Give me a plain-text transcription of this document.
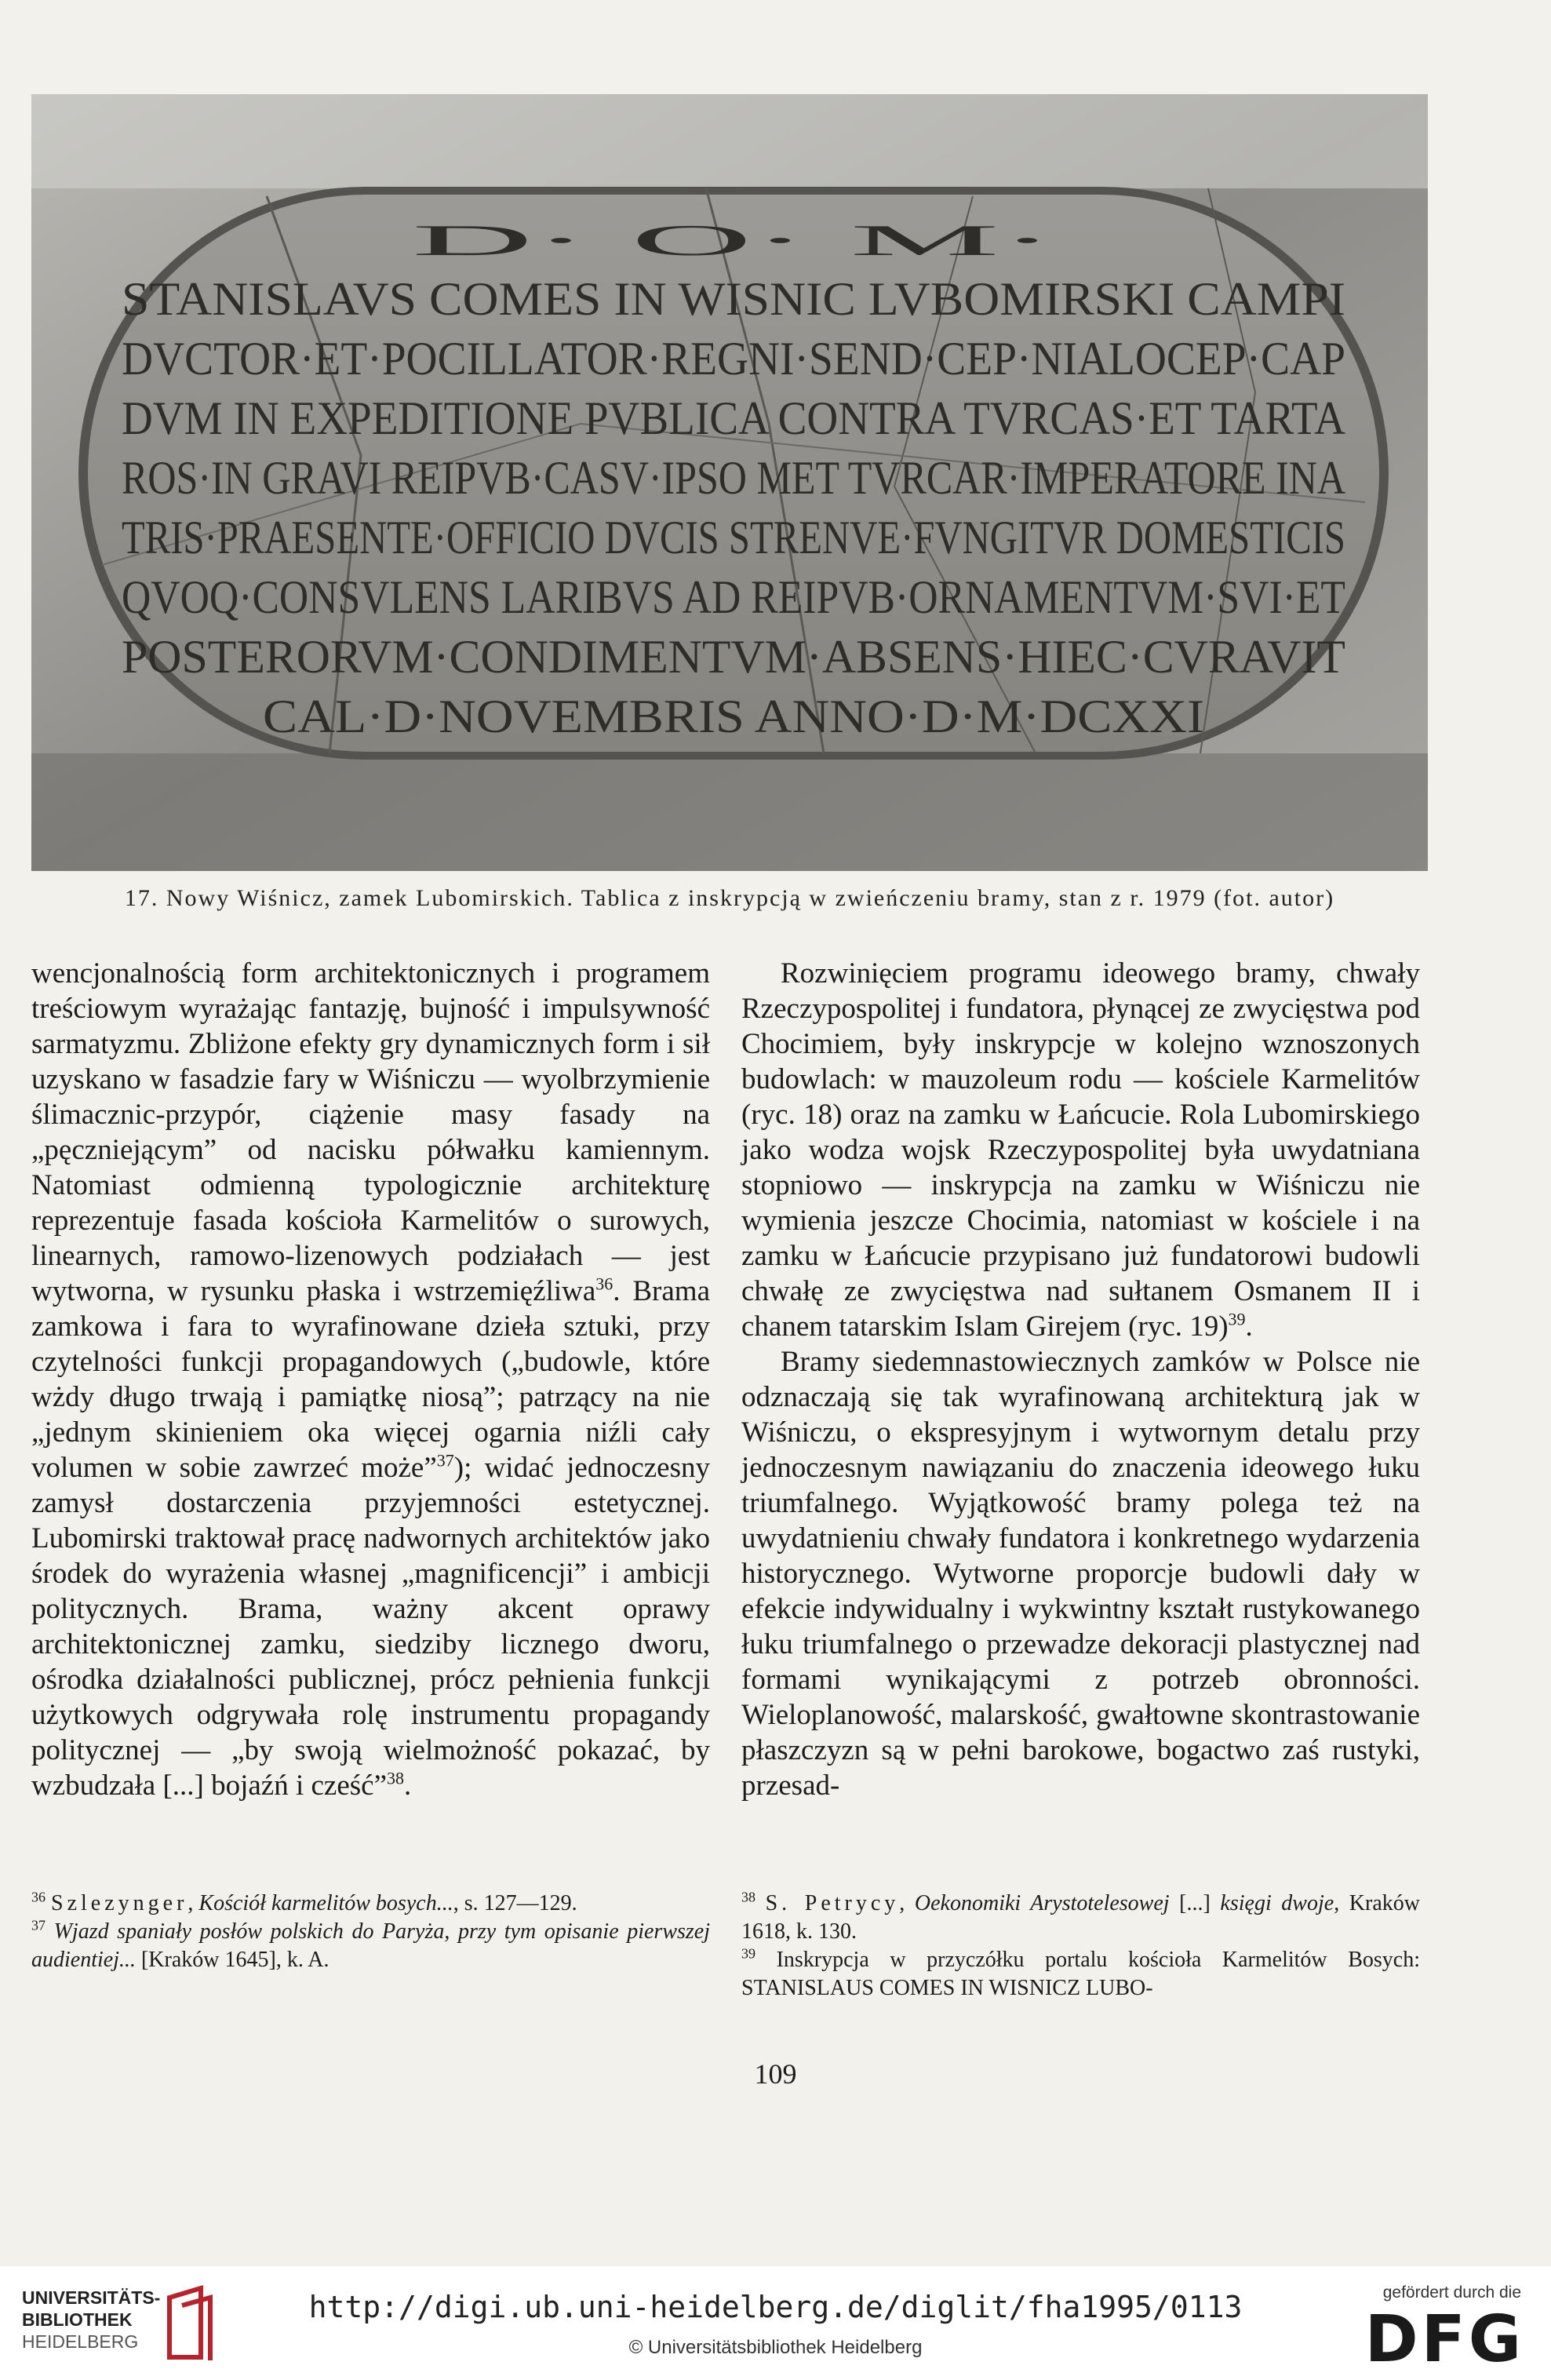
D· O· M·
STANISLAVS COMES IN WISNIC LVBOMIRSKI CAMPI
DVCTOR·ET·POCILLATOR·REGNI·SEND·CEP·NIALOCEP·CAP
DVM IN EXPEDITIONE PVBLICA CONTRA TVRCAS·ET TARTA
ROS·IN GRAVI REIPVB·CASV·IPSO MET TVRCAR·IMPERATORE INA
TRIS·PRAESENTE·OFFICIO DVCIS STRENVE·FVNGITVR DOMESTICIS
QVOQ·CONSVLENS LARIBVS AD REIPVB·ORNAMENTVM·SVI·ET
POSTERORVM·CONDIMENTVM·ABSENS·HIEC·CVRAVIT
CAL·D·NOVEMBRIS ANNO·D·M·DCXXI
17. Nowy Wiśnicz, zamek Lubomirskich. Tablica z inskrypcją w zwieńczeniu bramy, stan z r. 1979 (fot. autor)

wencjonalnością form architektonicznych i programem treściowym wyrażając fantazję, bujność i impulsywność sarmatyzmu. Zbliżone efekty gry dynamicznych form i sił uzyskano w fasadzie fary w Wiśniczu — wyolbrzymienie ślimacznic-przypór, ciążenie masy fasady na „pęczniejącym” od nacisku półwałku kamiennym. Natomiast odmienną typologicznie architekturę reprezentuje fasada kościoła Karmelitów o surowych, linearnych, ramowo-lizenowych podziałach — jest wytworna, w rysunku płaska i wstrzemięźliwa$^{36}$. Brama zamkowa i fara to wyrafinowane dzieła sztuki, przy czytelności funkcji propagandowych („budowle, które wżdy długo trwają i pamiątkę niosą”; patrzący na nie „jednym skinieniem oka więcej ogarnia niźli cały volumen w sobie zawrzeć może”$^{37}$); widać jednoczesny zamysł dostarczenia przyjemności estetycznej. Lubomirski traktował pracę nadwornych architektów jako środek do wyrażenia własnej „magnificencji” i ambicji politycznych. Brama, ważny akcent oprawy architektonicznej zamku, siedziby licznego dworu, ośrodka działalności publicznej, prócz pełnienia funkcji użytkowych odgrywała rolę instrumentu propagandy politycznej — „by swoją wielmożność pokazać, by wzbudzała [...] bojaźń i cześć”$^{38}$.

Rozwinięciem programu ideowego bramy, chwały Rzeczypospolitej i fundatora, płynącej ze zwycięstwa pod Chocimiem, były inskrypcje w kolejno wznoszonych budowlach: w mauzoleum rodu — kościele Karmelitów (ryc. 18) oraz na zamku w Łańcucie. Rola Lubomirskiego jako wodza wojsk Rzeczypospolitej była uwydatniana stopniowo — inskrypcja na zamku w Wiśniczu nie wymienia jeszcze Chocimia, natomiast w kościele i na zamku w Łańcucie przypisano już fundatorowi budowli chwałę ze zwycięstwa nad sułtanem Osmanem II i chanem tatarskim Islam Girejem (ryc. 19)$^{39}$.

Bramy siedemnastowiecznych zamków w Polsce nie odznaczają się tak wyrafinowaną architekturą jak w Wiśniczu, o ekspresyjnym i wytwornym detalu przy jednoczesnym nawiązaniu do znaczenia ideowego łuku triumfalnego. Wyjątkowość bramy polega też na uwydatnieniu chwały fundatora i konkretnego wydarzenia historycznego. Wytworne proporcje budowli dały w efekcie indywidualny i wykwintny kształt rustykowanego łuku triumfalnego o przewadze dekoracji plastycznej nad formami wynikającymi z potrzeb obronności. Wieloplanowość, malarskość, gwałtowne skontrastowanie płaszczyzn są w pełni barokowe, bogactwo zaś rustyki, przesad-

$^{36}$ Szlezynger, Kościół karmelitów bosych..., s. 127—129.

$^{37}$ Wjazd spaniały posłów polskich do Paryża, przy tym opisanie pierwszej audientiej... [Kraków 1645], k. A.

$^{38}$ S. Petrycy, Oekonomiki Arystotelesowej [...] księgi dwoje, Kraków 1618, k. 130.

$^{39}$ Inskrypcja w przyczółku portalu kościoła Karmelitów Bosych: STANISLAUS COMES IN WISNICZ LUBO-

109
UNIVERSITÄTS-
BIBLIOTHEK
HEIDELBERG
http://digi.ub.uni-heidelberg.de/diglit/fha1995/0113
© Universitätsbibliothek Heidelberg
gefördert durch die
DFG
